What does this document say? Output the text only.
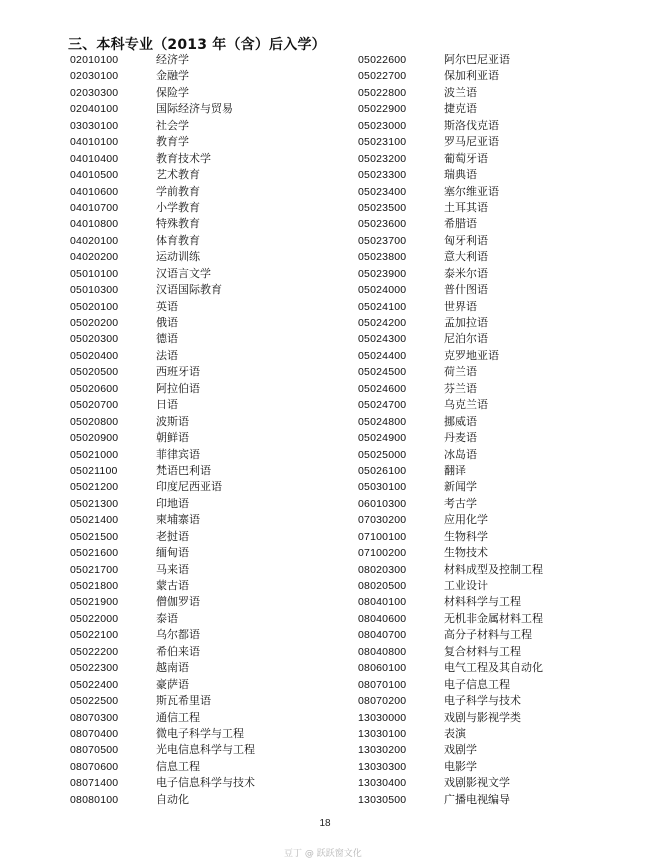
三、本科专业（2013 年（含）后入学）
02010100	经济学
02030100	金融学
02030300	保险学
02040100	国际经济与贸易
03030100	社会学
04010100	教育学
04010400	教育技术学
04010500	艺术教育
04010600	学前教育
04010700	小学教育
04010800	特殊教育
04020100	体育教育
04020200	运动训练
05010100	汉语言文学
05010300	汉语国际教育
05020100	英语
05020200	俄语
05020300	德语
05020400	法语
05020500	西班牙语
05020600	阿拉伯语
05020700	日语
05020800	波斯语
05020900	朝鲜语
05021000	菲律宾语
05021100	梵语巴利语
05021200	印度尼西亚语
05021300	印地语
05021400	柬埔寨语
05021500	老挝语
05021600	缅甸语
05021700	马来语
05021800	蒙古语
05021900	僧伽罗语
05022000	泰语
05022100	乌尔都语
05022200	希伯来语
05022300	越南语
05022400	豪萨语
05022500	斯瓦希里语
08070300	通信工程
08070400	微电子科学与工程
08070500	光电信息科学与工程
08070600	信息工程
08071400	电子信息科学与技术
08080100	自动化
05022600	阿尔巴尼亚语
05022700	保加利亚语
05022800	波兰语
05022900	捷克语
05023000	斯洛伐克语
05023100	罗马尼亚语
05023200	葡萄牙语
05023300	瑞典语
05023400	塞尔维亚语
05023500	土耳其语
05023600	希腊语
05023700	匈牙利语
05023800	意大利语
05023900	泰米尔语
05024000	普什图语
05024100	世界语
05024200	孟加拉语
05024300	尼泊尔语
05024400	克罗地亚语
05024500	荷兰语
05024600	芬兰语
05024700	乌克兰语
05024800	挪威语
05024900	丹麦语
05025000	冰岛语
05026100	翻译
05030100	新闻学
06010300	考古学
07030200	应用化学
07100100	生物科学
07100200	生物技术
08020300	材料成型及控制工程
08020500	工业设计
08040100	材料科学与工程
08040600	无机非金属材料工程
08040700	高分子材料与工程
08040800	复合材料与工程
08060100	电气工程及其自动化
08070100	电子信息工程
08070200	电子科学与技术
13030000	戏剧与影视学类
13030100	表演
13030200	戏剧学
13030300	电影学
13030400	戏剧影视文学
13030500	广播电视编导
18
豆丁 @ 跃跃窗文化
